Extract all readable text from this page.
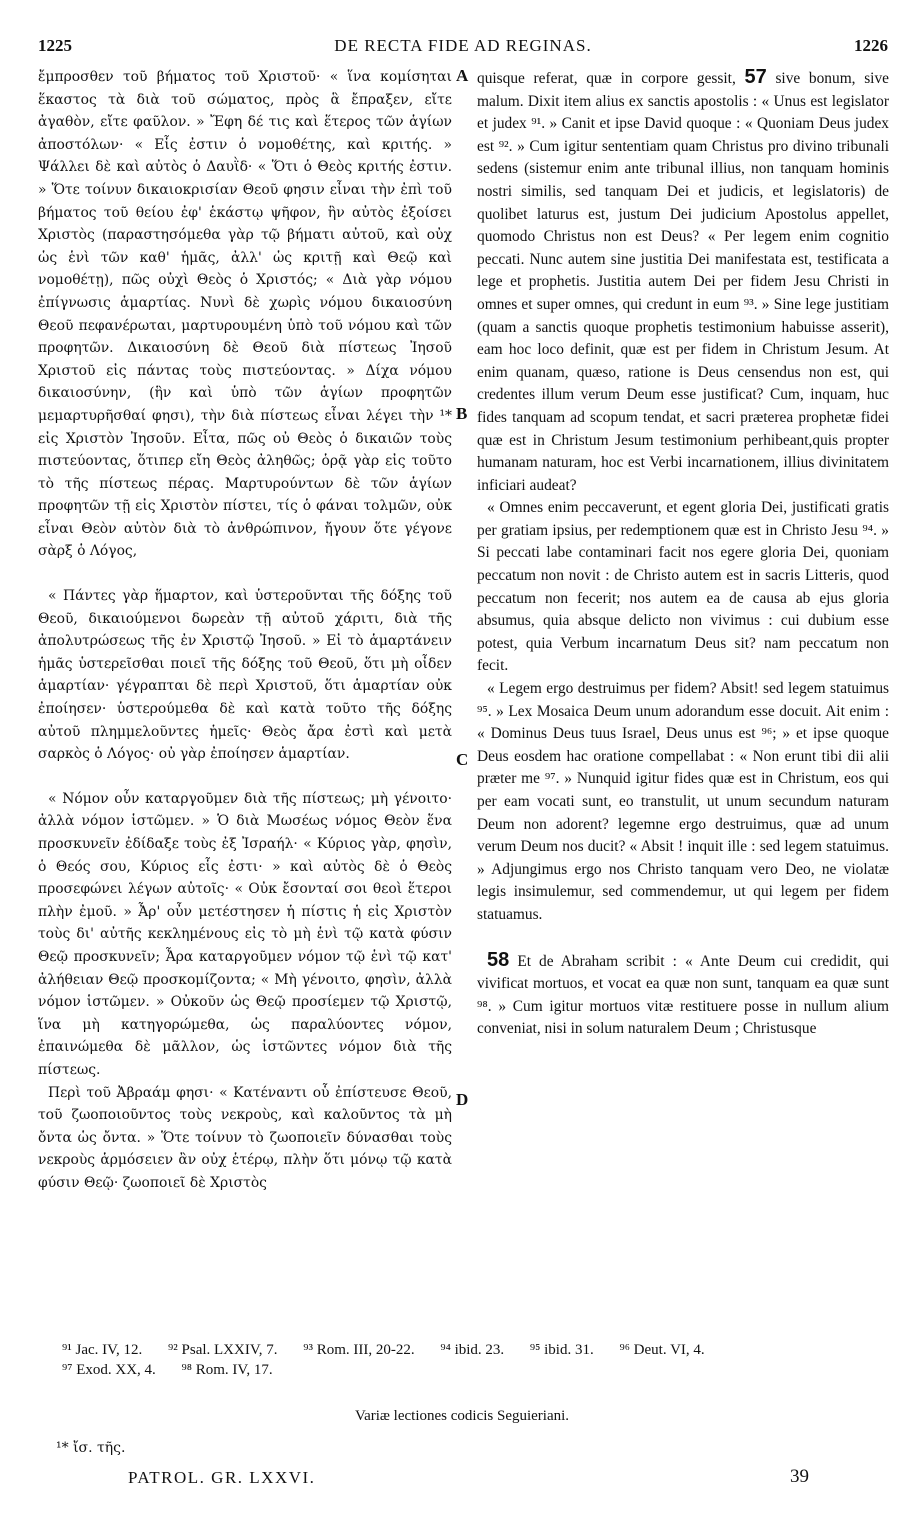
1225	DE RECTA FIDE AD REGINAS.	1226

ἔμπροσθεν τοῦ βήματος τοῦ Χριστοῦ· « ἵνα κομίσηται ἕκαστος τὰ διὰ τοῦ σώματος, πρὸς ἃ ἔπραξεν, εἴτε ἀγαθὸν, εἴτε φαῦλον. » Ἔφη δέ τις καὶ ἕτερος τῶν ἁγίων ἀποστόλων· « Εἷς ἐστιν ὁ νομοθέτης, καὶ κριτής. » Ψάλλει δὲ καὶ αὐτὸς ὁ Δαυῒδ· « Ὅτι ὁ Θεὸς κριτής ἐστιν. » Ὅτε τοίνυν δικαιοκρισίαν Θεοῦ φησιν εἶναι τὴν ἐπὶ τοῦ βήματος τοῦ θείου ἐφ' ἑκάστῳ ψῆφον, ἣν αὐτὸς ἐξοίσει Χριστὸς (παραστησόμεθα γὰρ τῷ βήματι αὐτοῦ, καὶ οὐχ ὡς ἑνὶ τῶν καθ' ἡμᾶς, ἀλλ' ὡς κριτῇ καὶ Θεῷ καὶ νομοθέτῃ), πῶς οὐχὶ Θεὸς ὁ Χριστός; « Διὰ γὰρ νόμου ἐπίγνωσις ἁμαρτίας. Νυνὶ δὲ χωρὶς νόμου δικαιοσύνη Θεοῦ πεφανέρωται, μαρτυρουμένη ὑπὸ τοῦ νόμου καὶ τῶν προφητῶν. Δικαιοσύνη δὲ Θεοῦ διὰ πίστεως Ἰησοῦ Χριστοῦ εἰς πάντας τοὺς πιστεύοντας. » Δίχα νόμου δικαιοσύνην, (ἣν καὶ ὑπὸ τῶν ἁγίων προφητῶν μεμαρτυρῆσθαί φησι), τὴν διὰ πίστεως εἶναι λέγει τὴν ¹* εἰς Χριστὸν Ἰησοῦν. Εἶτα, πῶς οὐ Θεὸς ὁ δικαιῶν τοὺς πιστεύοντας, ὅτιπερ εἴη Θεὸς ἀληθῶς; ὁρᾷ γὰρ εἰς τοῦτο τὸ τῆς πίστεως πέρας. Μαρτυρούντων δὲ τῶν ἁγίων προφητῶν τῇ εἰς Χριστὸν πίστει, τίς ὁ φάναι τολμῶν, οὐκ εἶναι Θεὸν αὐτὸν διὰ τὸ ἀνθρώπινον, ἤγουν ὅτε γέγονε σὰρξ ὁ Λόγος,

« Πάντες γὰρ ἥμαρτον, καὶ ὑστεροῦνται τῆς δόξης τοῦ Θεοῦ, δικαιούμενοι δωρεὰν τῇ αὐτοῦ χάριτι, διὰ τῆς ἀπολυτρώσεως τῆς ἐν Χριστῷ Ἰησοῦ. » Εἰ τὸ ἁμαρτάνειν ἡμᾶς ὑστερεῖσθαι ποιεῖ τῆς δόξης τοῦ Θεοῦ, ὅτι μὴ οἶδεν ἁμαρτίαν· γέγραπται δὲ περὶ Χριστοῦ, ὅτι ἁμαρτίαν οὐκ ἐποίησεν· ὑστερούμεθα δὲ καὶ κατὰ τοῦτο τῆς δόξης αὐτοῦ πλημμελοῦντες ἡμεῖς· Θεὸς ἄρα ἐστὶ καὶ μετὰ σαρκὸς ὁ Λόγος· οὐ γὰρ ἐποίησεν ἁμαρτίαν.

« Νόμον οὖν καταργοῦμεν διὰ τῆς πίστεως; μὴ γένοιτο· ἀλλὰ νόμον ἱστῶμεν. » Ὁ διὰ Μωσέως νόμος Θεὸν ἕνα προσκυνεῖν ἐδίδαξε τοὺς ἐξ Ἰσραήλ· « Κύριος γὰρ, φησὶν, ὁ Θεός σου, Κύριος εἷς ἐστι· » καὶ αὐτὸς δὲ ὁ Θεὸς προσεφώνει λέγων αὐτοῖς· « Οὐκ ἔσονταί σοι θεοὶ ἕτεροι πλὴν ἐμοῦ. » Ἆρ' οὖν μετέστησεν ἡ πίστις ἡ εἰς Χριστὸν τοὺς δι' αὐτῆς κεκλημένους εἰς τὸ μὴ ἑνὶ τῷ κατὰ φύσιν Θεῷ προσκυνεῖν; Ἆρα καταργοῦμεν νόμον τῷ ἑνὶ τῷ κατ' ἀλήθειαν Θεῷ προσκομίζοντα; « Μὴ γένοιτο, φησὶν, ἀλλὰ νόμον ἱστῶμεν. » Οὐκοῦν ὡς Θεῷ προσίεμεν τῷ Χριστῷ, ἵνα μὴ κατηγορώμεθα, ὡς παραλύοντες νόμον, ἐπαινώμεθα δὲ μᾶλλον, ὡς ἱστῶντες νόμον διὰ τῆς πίστεως.

Περὶ τοῦ Ἀβραάμ φησι· « Κατέναντι οὗ ἐπίστευσε Θεοῦ, τοῦ ζωοποιοῦντος τοὺς νεκροὺς, καὶ καλοῦντος τὰ μὴ ὄντα ὡς ὄντα. » Ὅτε τοίνυν τὸ ζωοποιεῖν δύνασθαι τοὺς νεκροὺς ἁρμόσειεν ἂν οὐχ ἑτέρῳ, πλὴν ὅτι μόνῳ τῷ κατὰ φύσιν Θεῷ· ζωοποιεῖ δὲ Χριστὸς

A
B
C
D

quisque referat, quæ in corpore gessit, 57 sive bonum, sive malum. Dixit item alius ex sanctis apostolis : « Unus est legislator et judex ⁹¹. » Canit et ipse David quoque : « Quoniam Deus judex est ⁹². » Cum igitur sententiam quam Christus pro divino tribunali sedens (sistemur enim ante tribunal illius, non tanquam hominis nostri similis, sed tanquam Dei et judicis, et legislatoris) de quolibet laturus est, justum Dei judicium Apostolus appellet, quomodo Christus non est Deus? « Per legem enim cognitio peccati. Nunc autem sine justitia Dei manifestata est, testificata a lege et prophetis. Justitia autem Dei per fidem Jesu Christi in omnes et super omnes, qui credunt in eum ⁹³. » Sine lege justitiam (quam a sanctis quoque prophetis testimonium habuisse asserit), eam hoc loco definit, quæ est per fidem in Christum Jesum. At enim quanam, quæso, ratione is Deus censendus non est, qui credentes illum verum Deum esse justificat? Cum, inquam, huc fides tanquam ad scopum tendat, et sacri præterea prophetæ fidei quæ est in Christum Jesum testimonium perhibeant,quis propter humanam naturam, hoc est Verbi incarnationem, illius divinitatem inficiari audeat?

« Omnes enim peccaverunt, et egent gloria Dei, justificati gratis per gratiam ipsius, per redemptionem quæ est in Christo Jesu ⁹⁴. » Si peccati labe contaminari facit nos egere gloria Dei, quoniam peccatum non novit : de Christo autem est in sacris Litteris, quod peccatum non fecerit; nos autem ea de causa ab ejus gloria absumus, quia absque delicto non vivimus : cui dubium esse potest, quia Verbum incarnatum Deus sit? nam peccatum non fecit.

« Legem ergo destruimus per fidem? Absit! sed legem statuimus ⁹⁵. » Lex Mosaica Deum unum adorandum esse docuit. Ait enim : « Dominus Deus tuus Israel, Deus unus est ⁹⁶; » et ipse quoque Deus eosdem hac oratione compellabat : « Non erunt tibi dii alii præter me ⁹⁷. » Nunquid igitur fides quæ est in Christum, eos qui per eam vocati sunt, eo transtulit, ut unum secundum naturam Deum non adorent? legemne ergo destruimus, quæ ad unum verum Deum nos ducit? « Absit ! inquit ille : sed legem statuimus. » Adjungimus ergo nos Christo tanquam vero Deo, ne violatæ legis insimulemur, sed commendemur, ut qui legem per fidem statuamus.

58 Et de Abraham scribit : « Ante Deum cui credidit, qui vivificat mortuos, et vocat ea quæ non sunt, tanquam ea quæ sunt ⁹⁸. » Cum igitur mortuos vitæ restituere posse in nullum alium conveniat, nisi in solum naturalem Deum ; Christusque

⁹¹ Jac. IV, 12. ⁹² Psal. LXXIV, 7. ⁹³ Rom. III, 20-22. ⁹⁴ ibid. 23. ⁹⁵ ibid. 31. ⁹⁶ Deut. VI, 4.
⁹⁷ Exod. XX, 4. ⁹⁸ Rom. IV, 17.
Variæ lectiones codicis Seguieriani.
¹* ἴσ. τῆς.
PATROL. GR. LXXVI.	39
